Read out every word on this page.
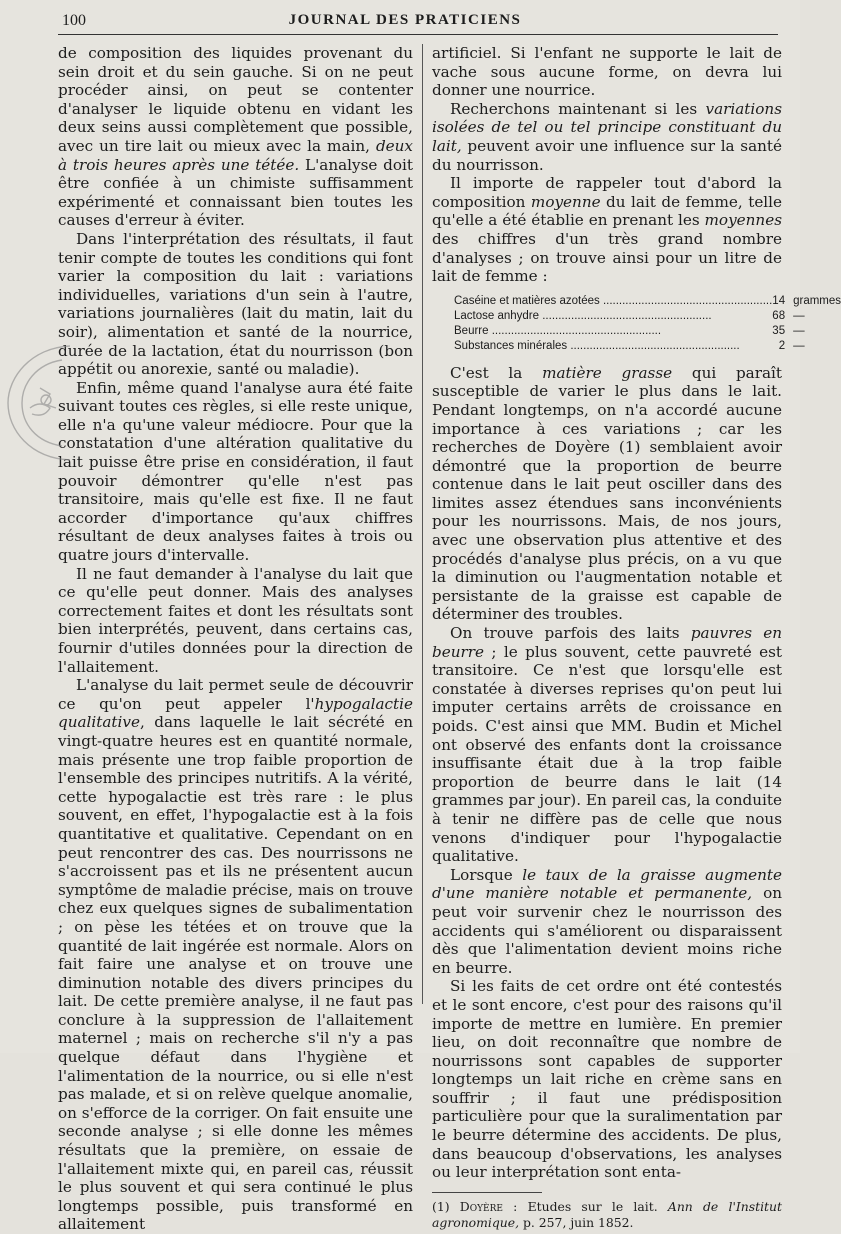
100	JOURNAL DES PRATICIENS

de composition des liquides provenant du sein droit et du sein gauche. Si on ne peut procéder ainsi, on peut se contenter d'analyser le liquide obtenu en vidant les deux seins aussi complètement que possible, avec un tire lait ou mieux avec la main, deux à trois heures après une tétée. L'analyse doit être confiée à un chimiste suffisamment expérimenté et connaissant bien toutes les causes d'erreur à éviter.

Dans l'interprétation des résultats, il faut tenir compte de toutes les conditions qui font varier la composition du lait : variations individuelles, variations d'un sein à l'autre, variations journalières (lait du matin, lait du soir), alimentation et santé de la nourrice, durée de la lactation, état du nourrisson (bon appétit ou anorexie, santé ou maladie).

Enfin, même quand l'analyse aura été faite suivant toutes ces règles, si elle reste unique, elle n'a qu'une valeur médiocre. Pour que la constatation d'une altération qualitative du lait puisse être prise en considération, il faut pouvoir démontrer qu'elle n'est pas transitoire, mais qu'elle est fixe. Il ne faut accorder d'importance qu'aux chiffres résultant de deux analyses faites à trois ou quatre jours d'intervalle.

Il ne faut demander à l'analyse du lait que ce qu'elle peut donner. Mais des analyses correctement faites et dont les résultats sont bien interprétés, peuvent, dans certains cas, fournir d'utiles données pour la direction de l'allaitement.

L'analyse du lait permet seule de découvrir ce qu'on peut appeler l'hypogalactie qualitative, dans laquelle le lait sécrété en vingt-quatre heures est en quantité normale, mais présente une trop faible proportion de l'ensemble des principes nutritifs. A la vérité, cette hypogalactie est très rare : le plus souvent, en effet, l'hypogalactie est à la fois quantitative et qualitative. Cependant on en peut rencontrer des cas. Des nourrissons ne s'accroissent pas et ils ne présentent aucun symptôme de maladie précise, mais on trouve chez eux quelques signes de subalimentation ; on pèse les tétées et on trouve que la quantité de lait ingérée est normale. Alors on fait faire une analyse et on trouve une diminution notable des divers principes du lait. De cette première analyse, il ne faut pas conclure à la suppression de l'allaitement maternel ; mais on recherche s'il n'y a pas quelque défaut dans l'hygiène et l'alimentation de la nourrice, ou si elle n'est pas malade, et si on relève quelque anomalie, on s'efforce de la corriger. On fait ensuite une seconde analyse ; si elle donne les mêmes résultats que la première, on essaie de l'allaitement mixte qui, en pareil cas, réussit le plus souvent et qui sera continué le plus longtemps possible, puis transformé en allaitement

artificiel. Si l'enfant ne supporte le lait de vache sous aucune forme, on devra lui donner une nourrice.

Recherchons maintenant si les variations isolées de tel ou tel principe constituant du lait, peuvent avoir une influence sur la santé du nourrisson.

Il importe de rappeler tout d'abord la composition moyenne du lait de femme, telle qu'elle a été établie en prenant les moyennes des chiffres d'un très grand nombre d'analyses ; on trouve ainsi pour un litre de lait de femme :

Caséine et matières azotées .....	14	grammes
Lactose anhydre .....	68	—
Beurre .....	35	—
Substances minérales .....	2	—

C'est la matière grasse qui paraît susceptible de varier le plus dans le lait. Pendant longtemps, on n'a accordé aucune importance à ces variations ; car les recherches de Doyère (1) semblaient avoir démontré que la proportion de beurre contenue dans le lait peut osciller dans des limites assez étendues sans inconvénients pour les nourrissons. Mais, de nos jours, avec une observation plus attentive et des procédés d'analyse plus précis, on a vu que la diminution ou l'augmentation notable et persistante de la graisse est capable de déterminer des troubles.

On trouve parfois des laits pauvres en beurre ; le plus souvent, cette pauvreté est transitoire. Ce n'est que lorsqu'elle est constatée à diverses reprises qu'on peut lui imputer certains arrêts de croissance en poids. C'est ainsi que MM. Budin et Michel ont observé des enfants dont la croissance insuffisante était due à la trop faible proportion de beurre dans le lait (14 grammes par jour). En pareil cas, la conduite à tenir ne diffère pas de celle que nous venons d'indiquer pour l'hypogalactie qualitative.

Lorsque le taux de la graisse augmente d'une manière notable et permanente, on peut voir survenir chez le nourrisson des accidents qui s'améliorent ou disparaissent dès que l'alimentation devient moins riche en beurre.

Si les faits de cet ordre ont été contestés et le sont encore, c'est pour des raisons qu'il importe de mettre en lumière. En premier lieu, on doit reconnaître que nombre de nourrissons sont capables de supporter longtemps un lait riche en crème sans en souffrir ; il faut une prédisposition particulière pour que la suralimentation par le beurre détermine des accidents. De plus, dans beaucoup d'observations, les analyses ou leur interprétation sont enta-

(1) Doyère : Etudes sur le lait. Ann de l'Institut agronomique, p. 257, juin 1852.
